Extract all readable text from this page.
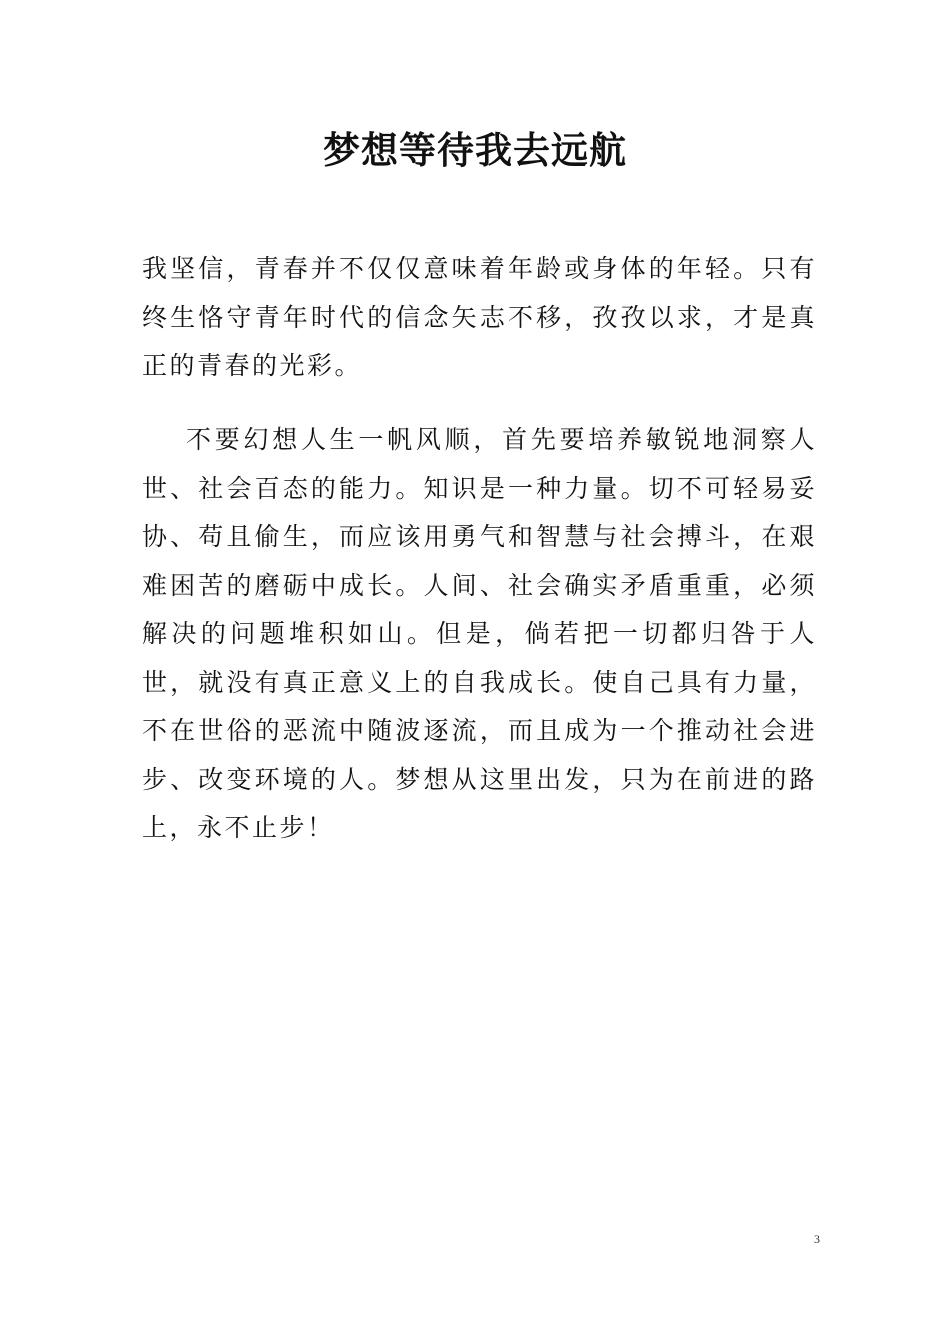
梦想等待我去远航

我坚信，青春并不仅仅意味着年龄或身体的年轻。只有终生恪守青年时代的信念矢志不移，孜孜以求，才是真正的青春的光彩。

不要幻想人生一帆风顺，首先要培养敏锐地洞察人世、社会百态的能力。知识是一种力量。切不可轻易妥协、苟且偷生，而应该用勇气和智慧与社会搏斗，在艰难困苦的磨砺中成长。人间、社会确实矛盾重重，必须解决的问题堆积如山。但是，倘若把一切都归咎于人世，就没有真正意义上的自我成长。使自己具有力量，不在世俗的恶流中随波逐流，而且成为一个推动社会进步、改变环境的人。梦想从这里出发，只为在前进的路上，永不止步！

3
